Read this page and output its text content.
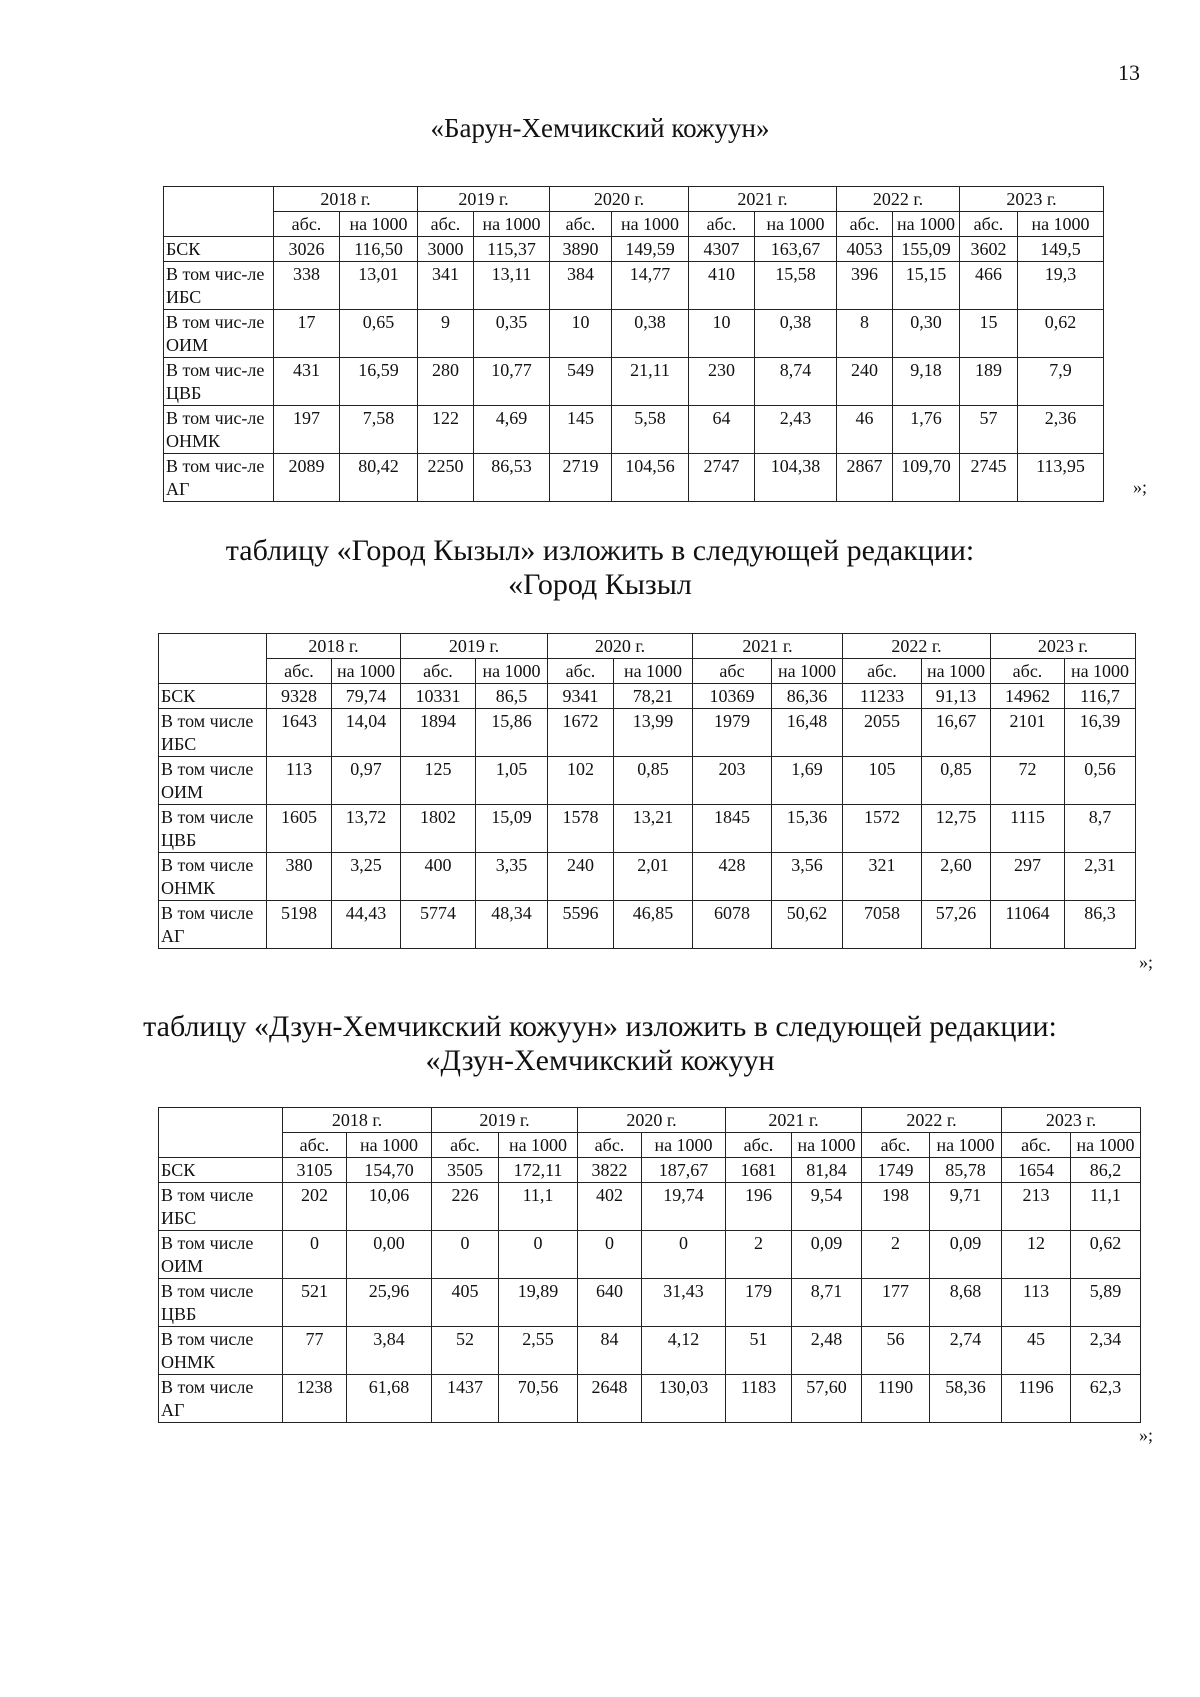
13
«Барун-Хемчикский кожуун»
	2018 г.		2019 г.		2020 г.		2021 г.		2022 г.		2023 г.	
	абс.	на 1000	абс.	на 1000	абс.	на 1000	абс.	на 1000	абс.	на 1000	абс.	на 1000
БСК	3026	116,50	3000	115,37	3890	149,59	4307	163,67	4053	155,09	3602	149,5
В том чис-ле ИБС	338	13,01	341	13,11	384	14,77	410	15,58	396	15,15	466	19,3
В том чис-ле ОИМ	17	0,65	9	0,35	10	0,38	10	0,38	8	0,30	15	0,62
В том чис-ле ЦВБ	431	16,59	280	10,77	549	21,11	230	8,74	240	9,18	189	7,9
В том чис-ле ОНМК	197	7,58	122	4,69	145	5,58	64	2,43	46	1,76	57	2,36
В том чис-ле АГ	2089	80,42	2250	86,53	2719	104,56	2747	104,38	2867	109,70	2745	113,95
»;
таблицу «Город Кызыл» изложить в следующей редакции:
«Город Кызыл
	2018 г.		2019 г.		2020 г.		2021 г.		2022 г.		2023 г.	
	абс.	на 1000	абс.	на 1000	абс.	на 1000	абс	на 1000	абс.	на 1000	абс.	на 1000
БСК	9328	79,74	10331	86,5	9341	78,21	10369	86,36	11233	91,13	14962	116,7
В том числе ИБС	1643	14,04	1894	15,86	1672	13,99	1979	16,48	2055	16,67	2101	16,39
В том числе ОИМ	113	0,97	125	1,05	102	0,85	203	1,69	105	0,85	72	0,56
В том числе ЦВБ	1605	13,72	1802	15,09	1578	13,21	1845	15,36	1572	12,75	1115	8,7
В том числе ОНМК	380	3,25	400	3,35	240	2,01	428	3,56	321	2,60	297	2,31
В том числе АГ	5198	44,43	5774	48,34	5596	46,85	6078	50,62	7058	57,26	11064	86,3
»;
таблицу «Дзун-Хемчикский кожуун» изложить в следующей редакции:
«Дзун-Хемчикский кожуун
	2018 г.		2019 г.		2020 г.		2021 г.		2022 г.		2023 г.	
	абс.	на 1000	абс.	на 1000	абс.	на 1000	абс.	на 1000	абс.	на 1000	абс.	на 1000
БСК	3105	154,70	3505	172,11	3822	187,67	1681	81,84	1749	85,78	1654	86,2
В том числе ИБС	202	10,06	226	11,1	402	19,74	196	9,54	198	9,71	213	11,1
В том числе ОИМ	0	0,00	0	0	0	0	2	0,09	2	0,09	12	0,62
В том числе ЦВБ	521	25,96	405	19,89	640	31,43	179	8,71	177	8,68	113	5,89
В том числе ОНМК	77	3,84	52	2,55	84	4,12	51	2,48	56	2,74	45	2,34
В том числе АГ	1238	61,68	1437	70,56	2648	130,03	1183	57,60	1190	58,36	1196	62,3
»;
